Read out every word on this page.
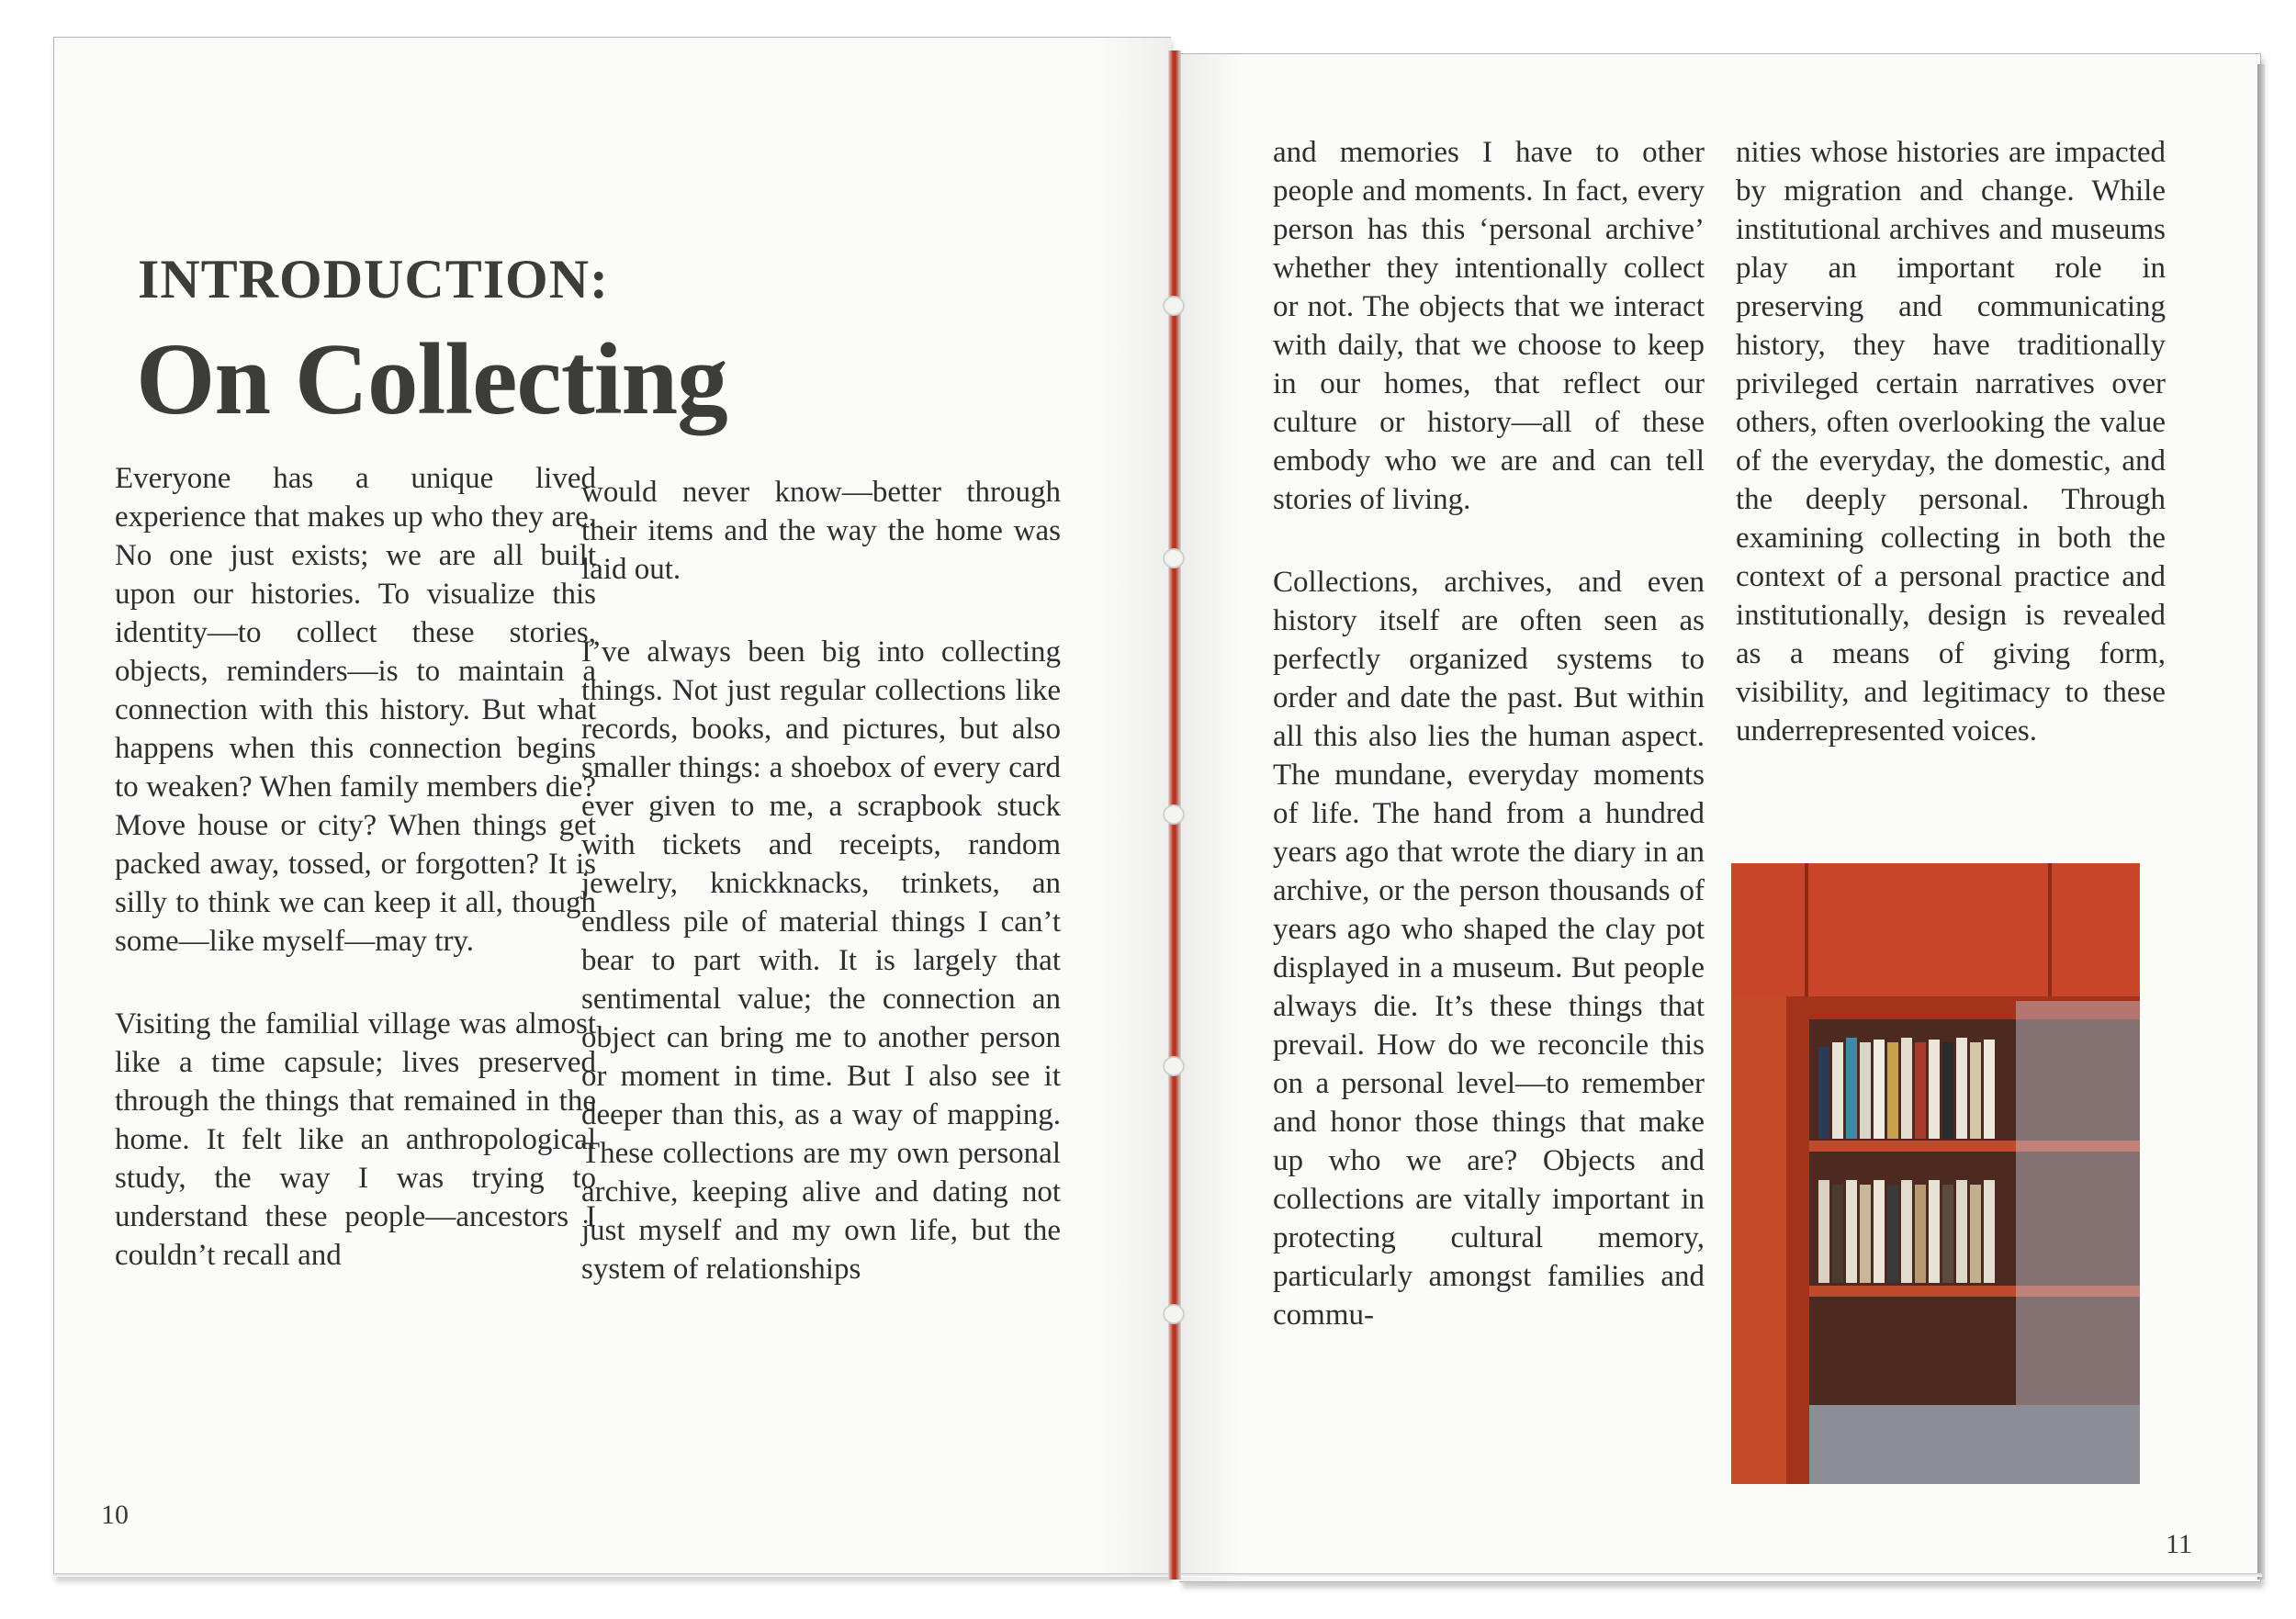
INTRODUCTION:
On Collecting

Everyone has a unique lived experience that makes up who they are. No one just exists; we are all built upon our histories. To visualize this identity—to collect these stories, objects, reminders—is to maintain a connection with this history. But what happens when this connection begins to weaken? When family members die? Move house or city? When things get packed away, tossed, or forgotten? It is silly to think we can keep it all, though some—like myself—may try.

Visiting the familial village was almost like a time capsule; lives preserved through the things that remained in the home. It felt like an anthropological study, the way I was trying to understand these people—ancestors I couldn’t recall and

would never know—better through their items and the way the home was laid out.

I’ve always been big into collecting things. Not just regular collections like records, books, and pictures, but also smaller things: a shoebox of every card ever given to me, a scrapbook stuck with tickets and receipts, random jewelry, knickknacks, trinkets, an endless pile of material things I can’t bear to part with. It is largely that sentimental value; the connection an object can bring me to another person or moment in time. But I also see it deeper than this, as a way of mapping. These collections are my own personal archive, keeping alive and dating not just myself and my own life, but the system of relationships

and memories I have to other people and moments. In fact, every person has this ‘personal archive’ whether they intentionally collect or not. The objects that we interact with daily, that we choose to keep in our homes, that reflect our culture or history—all of these embody who we are and can tell stories of living.

Collections, archives, and even history itself are often seen as perfectly organized systems to order and date the past. But within all this also lies the human aspect. The mundane, everyday moments of life. The hand from a hundred years ago that wrote the diary in an archive, or the person thousands of years ago who shaped the clay pot displayed in a museum. But people always die. It’s these things that prevail. How do we reconcile this on a personal level—to remember and honor those things that make up who we are? Objects and collections are vitally important in protecting cultural memory, particularly amongst families and commu-

nities whose histories are impacted by migration and change. While institutional archives and museums play an important role in preserving and communicating history, they have traditionally privileged certain narratives over others, often overlooking the value of the everyday, the domestic, and the deeply personal. Through examining collecting in both the context of a personal practice and institutionally, design is revealed as a means of giving form, visibility, and legitimacy to these underrepresented voices.

10
11
